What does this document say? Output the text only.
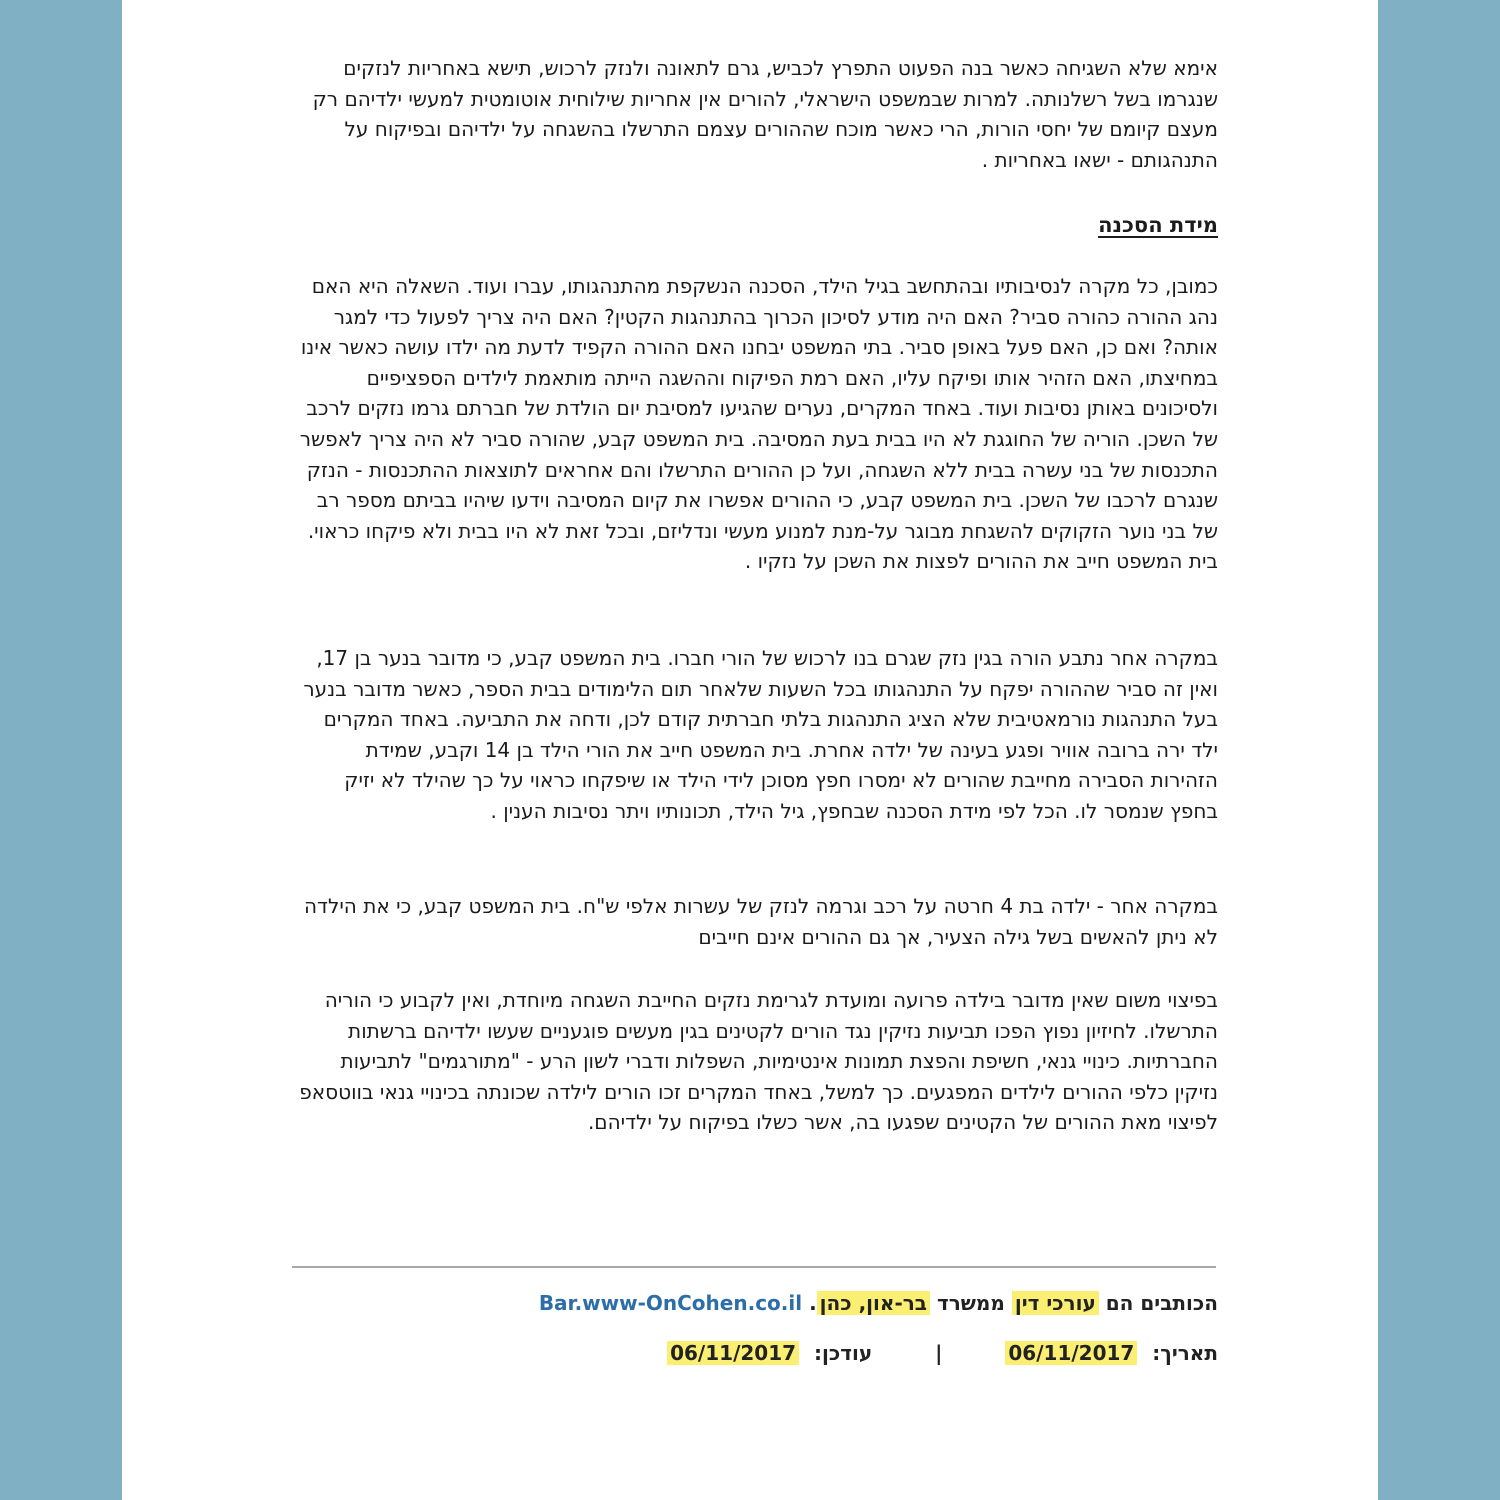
אימא שלא השגיחה כאשר בנה הפעוט התפרץ לכביש, גרם לתאונה ולנזק לרכוש, תישא באחריות לנזקים שנגרמו בשל רשלנותה. למרות שבמשפט הישראלי, להורים אין אחריות שילוחית אוטומטית למעשי ילדיהם רק מעצם קיומם של יחסי הורות, הרי כאשר מוכח שההורים עצמם התרשלו בהשגחה על ילדיהם ובפיקוח על התנהגותם - ישאו באחריות .

מידת הסכנה

כמובן, כל מקרה לנסיבותיו ובהתחשב בגיל הילד, הסכנה הנשקפת מהתנהגותו, עברו ועוד. השאלה היא האם נהג ההורה כהורה סביר? האם היה מודע לסיכון הכרוך בהתנהגות הקטין? האם היה צריך לפעול כדי למגר אותה? ואם כן, האם פעל באופן סביר. בתי המשפט יבחנו האם ההורה הקפיד לדעת מה ילדו עושה כאשר אינו במחיצתו, האם הזהיר אותו ופיקח עליו, האם רמת הפיקוח וההשגה הייתה מותאמת לילדים הספציפיים ולסיכונים באותן נסיבות ועוד. באחד המקרים, נערים שהגיעו למסיבת יום הולדת של חברתם גרמו נזקים לרכב של השכן. הוריה של החוגגת לא היו בבית בעת המסיבה. בית המשפט קבע, שהורה סביר לא היה צריך לאפשר התכנסות של בני עשרה בבית ללא השגחה, ועל כן ההורים התרשלו והם אחראים לתוצאות ההתכנסות - הנזק שנגרם לרכבו של השכן. בית המשפט קבע, כי ההורים אפשרו את קיום המסיבה וידעו שיהיו בביתם מספר רב של בני נוער הזקוקים להשגחת מבוגר על-מנת למנוע מעשי ונדליזם, ובכל זאת לא היו בבית ולא פיקחו כראוי. בית המשפט חייב את ההורים לפצות את השכן על נזקיו .

במקרה אחר נתבע הורה בגין נזק שגרם בנו לרכוש של הורי חברו. בית המשפט קבע, כי מדובר בנער בן 17, ואין זה סביר שההורה יפקח על התנהגותו בכל השעות שלאחר תום הלימודים בבית הספר, כאשר מדובר בנער בעל התנהגות נורמאטיבית שלא הציג התנהגות בלתי חברתית קודם לכן, ודחה את התביעה. באחד המקרים ילד ירה ברובה אוויר ופגע בעינה של ילדה אחרת. בית המשפט חייב את הורי הילד בן 14 וקבע, שמידת הזהירות הסבירה מחייבת שהורים לא ימסרו חפץ מסוכן לידי הילד או שיפקחו כראוי על כך שהילד לא יזיק בחפץ שנמסר לו. הכל לפי מידת הסכנה שבחפץ, גיל הילד, תכונותיו ויתר נסיבות הענין .

במקרה אחר - ילדה בת 4 חרטה על רכב וגרמה לנזק של עשרות אלפי ש"ח. בית המשפט קבע, כי את הילדה לא ניתן להאשים בשל גילה הצעיר, אך גם ההורים אינם חייבים

בפיצוי משום שאין מדובר בילדה פרועה ומועדת לגרימת נזקים החייבת השגחה מיוחדת, ואין לקבוע כי הוריה התרשלו. לחיזיון נפוץ הפכו תביעות נזיקין נגד הורים לקטינים בגין מעשים פוגעניים שעשו ילדיהם ברשתות החברתיות. כינויי גנאי, חשיפת והפצת תמונות אינטימיות, השפלות ודברי לשון הרע - "מתורגמים" לתביעות נזיקין כלפי ההורים לילדים המפגעים. כך למשל, באחד המקרים זכו הורים לילדה שכונתה בכינויי גנאי בווטסאפ לפיצוי מאת ההורים של הקטינים שפגעו בה, אשר כשלו בפיקוח על ילדיהם.

הכותבים הם עורכי דין ממשרד בר-און, כהן. Bar.www-OnCohen.co.il
תאריך: 06/11/2017 | עודכן: 06/11/2017
